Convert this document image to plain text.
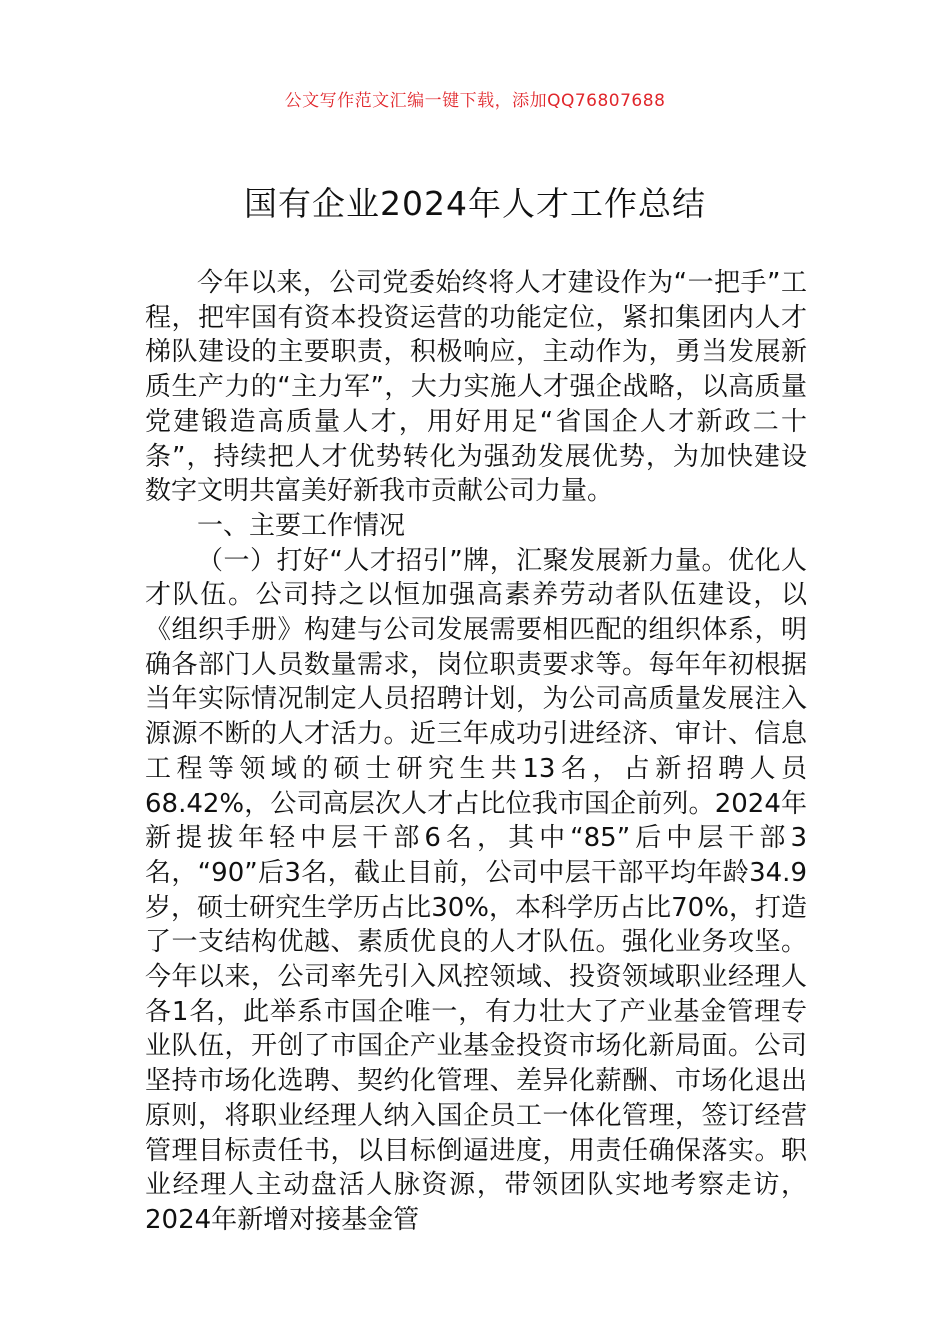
公文写作范文汇编一键下载，添加QQ76807688
国有企业2024年人才工作总结

今年以来，公司党委始终将人才建设作为“一把手”工程，把牢国有资本投资运营的功能定位，紧扣集团内人才梯队建设的主要职责，积极响应，主动作为，勇当发展新质生产力的“主力军”，大力实施人才强企战略，以高质量党建锻造高质量人才，用好用足“省国企人才新政二十条”，持续把人才优势转化为强劲发展优势，为加快建设数字文明共富美好新我市贡献公司力量。

一、主要工作情况

（一）打好“人才招引”牌，汇聚发展新力量。优化人才队伍。公司持之以恒加强高素养劳动者队伍建设，以《组织手册》构建与公司发展需要相匹配的组织体系，明确各部门人员数量需求，岗位职责要求等。每年年初根据当年实际情况制定人员招聘计划，为公司高质量发展注入源源不断的人才活力。近三年成功引进经济、审计、信息工程等领域的硕士研究生共13名，占新招聘人员68.42%，公司高层次人才占比位我市国企前列。2024年新提拔年轻中层干部6名，其中“85”后中层干部3名，“90”后3名，截止目前，公司中层干部平均年龄34.9岁，硕士研究生学历占比30%，本科学历占比70%，打造了一支结构优越、素质优良的人才队伍。强化业务攻坚。今年以来，公司率先引入风控领域、投资领域职业经理人各1名，此举系市国企唯一，有力壮大了产业基金管理专业队伍，开创了市国企产业基金投资市场化新局面。公司坚持市场化选聘、契约化管理、差异化薪酬、市场化退出原则，将职业经理人纳入国企员工一体化管理，签订经营管理目标责任书，以目标倒逼进度，用责任确保落实。职业经理人主动盘活人脉资源，带领团队实地考察走访，2024年新增对接基金管
